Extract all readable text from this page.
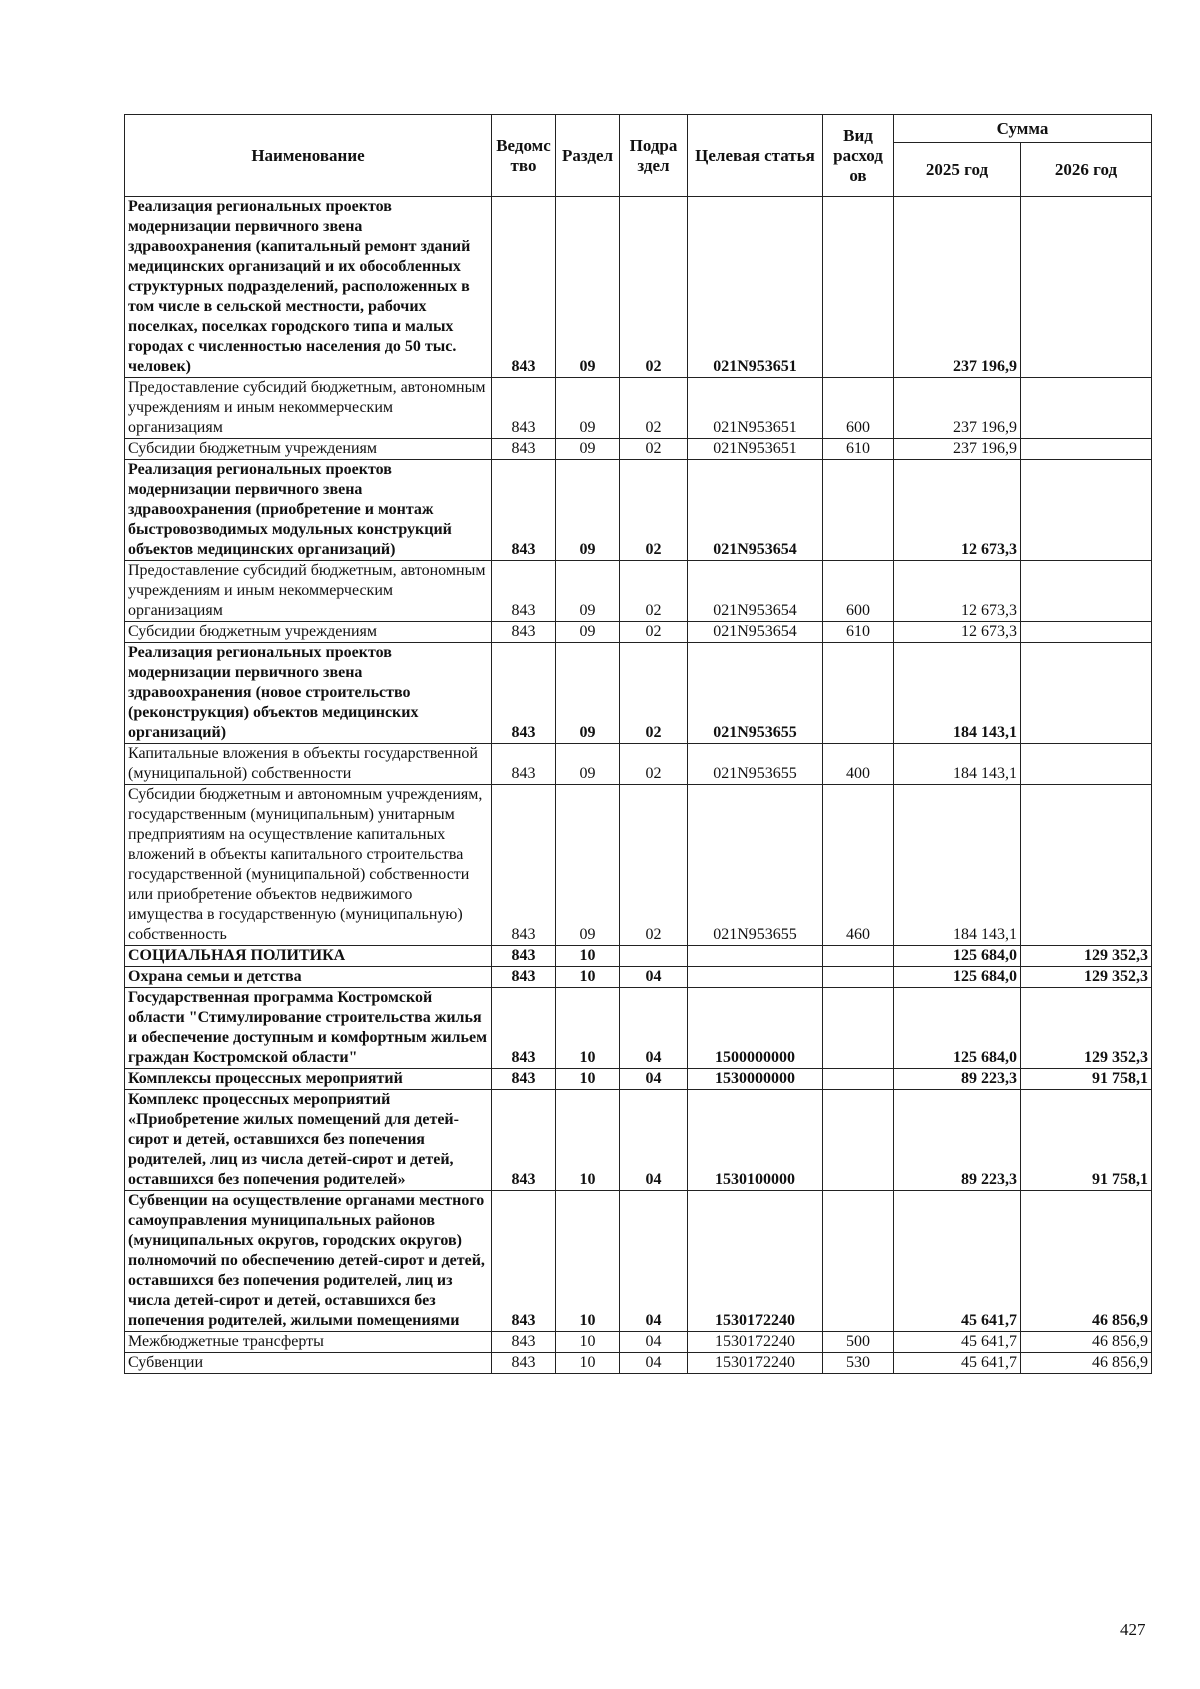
Наименование	Ведомс тво	Раздел	Подра здел	Целевая статья	Вид расход ов	Сумма	
						2025 год	2026 год
Реализация региональных проектов модернизации первичного звена здравоохранения (капитальный ремонт зданий медицинских организаций и их обособленных структурных подразделений, расположенных в том числе в сельской местности, рабочих поселках, поселках городского типа и малых городах с численностью населения до 50 тыс. человек)	843	09	02	021N953651		237 196,9	
Предоставление субсидий бюджетным, автономным учреждениям и иным некоммерческим организациям	843	09	02	021N953651	600	237 196,9	
Субсидии бюджетным учреждениям	843	09	02	021N953651	610	237 196,9	
Реализация региональных проектов модернизации первичного звена здравоохранения (приобретение и монтаж быстровозводимых модульных конструкций объектов медицинских организаций)	843	09	02	021N953654		12 673,3	
Предоставление субсидий бюджетным, автономным учреждениям и иным некоммерческим организациям	843	09	02	021N953654	600	12 673,3	
Субсидии бюджетным учреждениям	843	09	02	021N953654	610	12 673,3	
Реализация региональных проектов модернизации первичного звена здравоохранения (новое строительство (реконструкция) объектов медицинских организаций)	843	09	02	021N953655		184 143,1	
Капитальные вложения в объекты государственной (муниципальной) собственности	843	09	02	021N953655	400	184 143,1	
Субсидии бюджетным и автономным учреждениям, государственным (муниципальным) унитарным предприятиям на осуществление капитальных вложений в объекты капитального строительства государственной (муниципальной) собственности или приобретение объектов недвижимого имущества в государственную (муниципальную) собственность	843	09	02	021N953655	460	184 143,1	
СОЦИАЛЬНАЯ ПОЛИТИКА	843	10				125 684,0	129 352,3
Охрана семьи и детства	843	10	04			125 684,0	129 352,3
Государственная программа Костромской области "Стимулирование строительства жилья и обеспечение доступным и комфортным жильем граждан Костромской области"	843	10	04	1500000000		125 684,0	129 352,3
Комплексы процессных мероприятий	843	10	04	1530000000		89 223,3	91 758,1
Комплекс процессных мероприятий «Приобретение жилых помещений для детей-сирот и детей, оставшихся без попечения родителей, лиц из числа детей-сирот и детей, оставшихся без попечения родителей»	843	10	04	1530100000		89 223,3	91 758,1
Субвенции на осуществление органами местного самоуправления муниципальных районов (муниципальных округов, городских округов) полномочий по обеспечению детей-сирот и детей, оставшихся без попечения родителей, лиц из числа детей-сирот и детей, оставшихся без попечения родителей, жилыми помещениями	843	10	04	1530172240		45 641,7	46 856,9
Межбюджетные трансферты	843	10	04	1530172240	500	45 641,7	46 856,9
Субвенции	843	10	04	1530172240	530	45 641,7	46 856,9
427
